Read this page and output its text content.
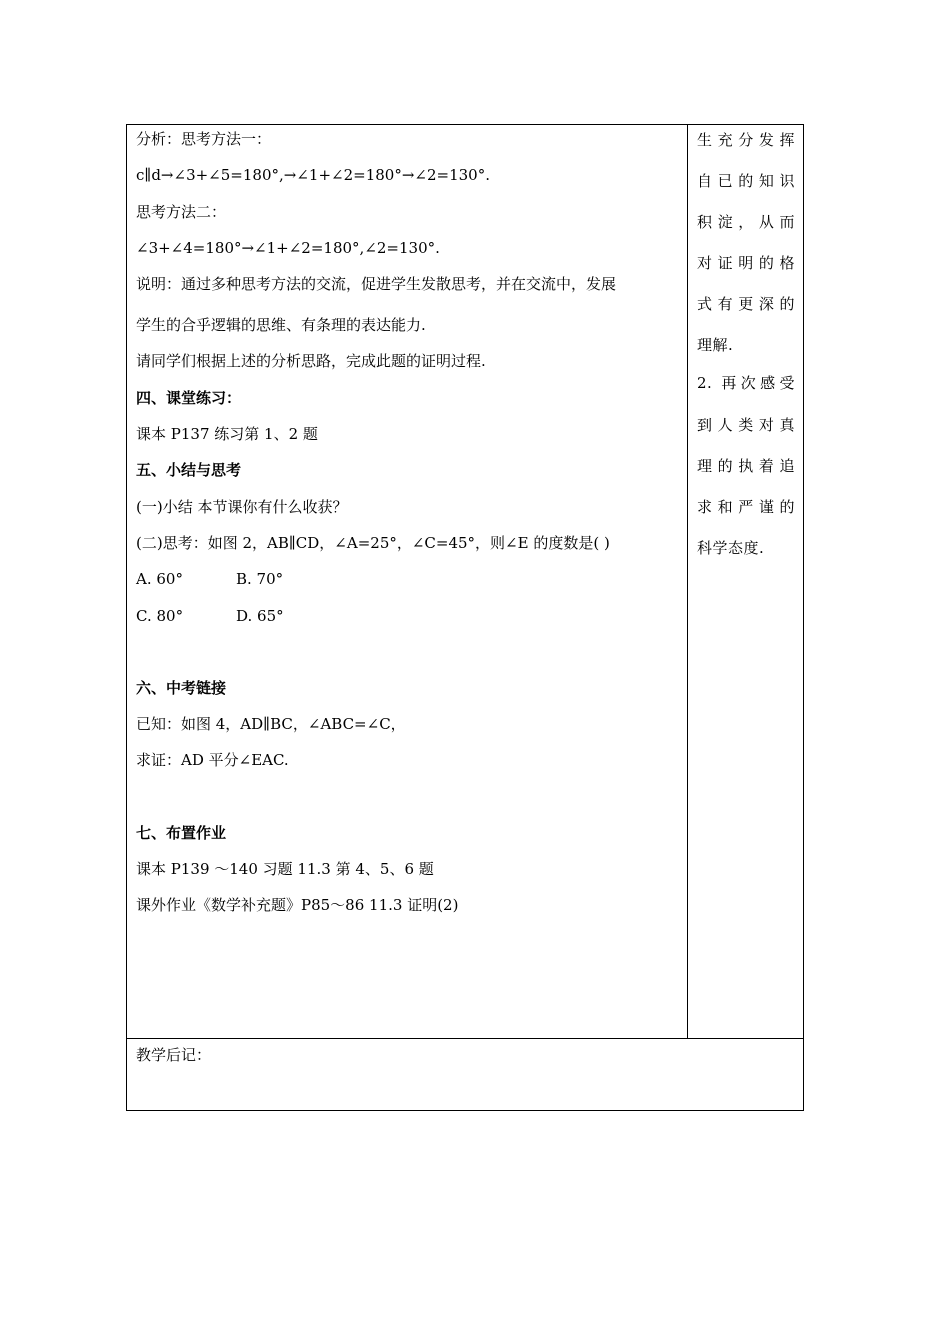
分析：思考方法一：
c∥d→∠3+∠5=180°,→∠1+∠2=180°→∠2=130°.
思考方法二：
∠3+∠4=180°→∠1+∠2=180°,∠2=130°.
说明：通过多种思考方法的交流，促进学生发散思考，并在交流中，发展
学生的合乎逻辑的思维、有条理的表达能力.
请同学们根据上述的分析思路，完成此题的证明过程.
四、课堂练习：
课本 P137 练习第 1、2 题
五、小结与思考
(一)小结 本节课你有什么收获？
(二)思考：如图 2，AB∥CD，∠A=25°，∠C=45°，则∠E 的度数是( )
A. 60°	B. 70°
C. 80°	D. 65°
六、中考链接
已知：如图 4，AD∥BC，∠ABC=∠C，
求证：AD 平分∠EAC.
七、布置作业
课本 P139 ～140 习题 11.3 第 4、5、6 题
课外作业《数学补充题》P85～86 11.3 证明(2)
生充分发挥
自已的知识
积淀，从而
对证明的格
式有更深的
理解.
2. 再次感受
到人类对真
理的执着追
求和严谨的
科学态度.
教学后记：
